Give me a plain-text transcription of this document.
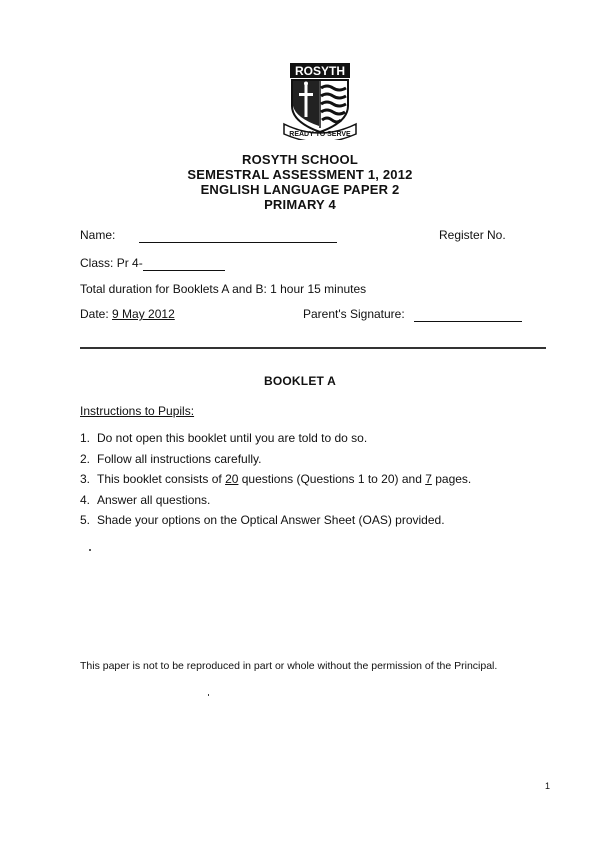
ROSYTH
READY TO SERVE
ROSYTH SCHOOL
SEMESTRAL ASSESSMENT 1, 2012
ENGLISH LANGUAGE PAPER 2
PRIMARY 4
Name:	Register No.
Class: Pr 4-
Total duration for Booklets A and B: 1 hour 15 minutes
Date: 9 May 2012	Parent's Signature:
BOOKLET A
Instructions to Pupils:
1. Do not open this booklet until you are told to do so.
2. Follow all instructions carefully.
3. This booklet consists of 20 questions (Questions 1 to 20) and 7 pages.
4. Answer all questions.
5. Shade your options on the Optical Answer Sheet (OAS) provided.
This paper is not to be reproduced in part or whole without the permission of the Principal.
1
